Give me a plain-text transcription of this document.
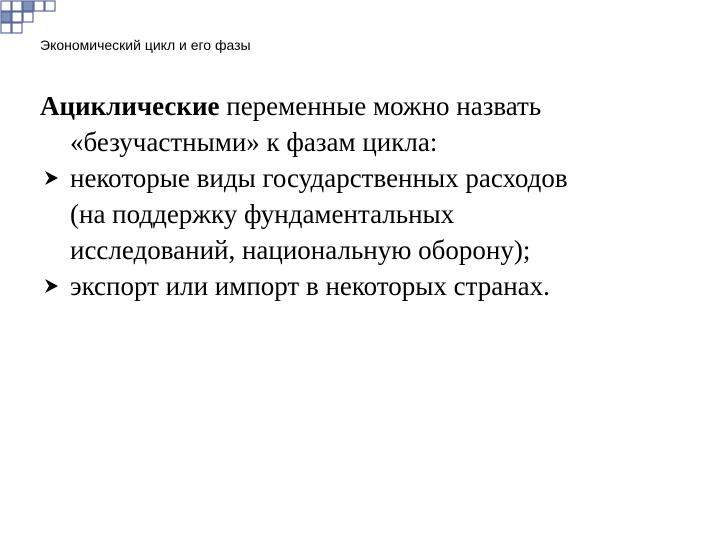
Экономический цикл и его фазы

Ациклические переменные можно назвать
«безучастными» к фазам цикла:

некоторые виды государственных расходов
(на поддержку фундаментальных
исследований, национальную оборону);
экспорт или импорт в некоторых странах.
